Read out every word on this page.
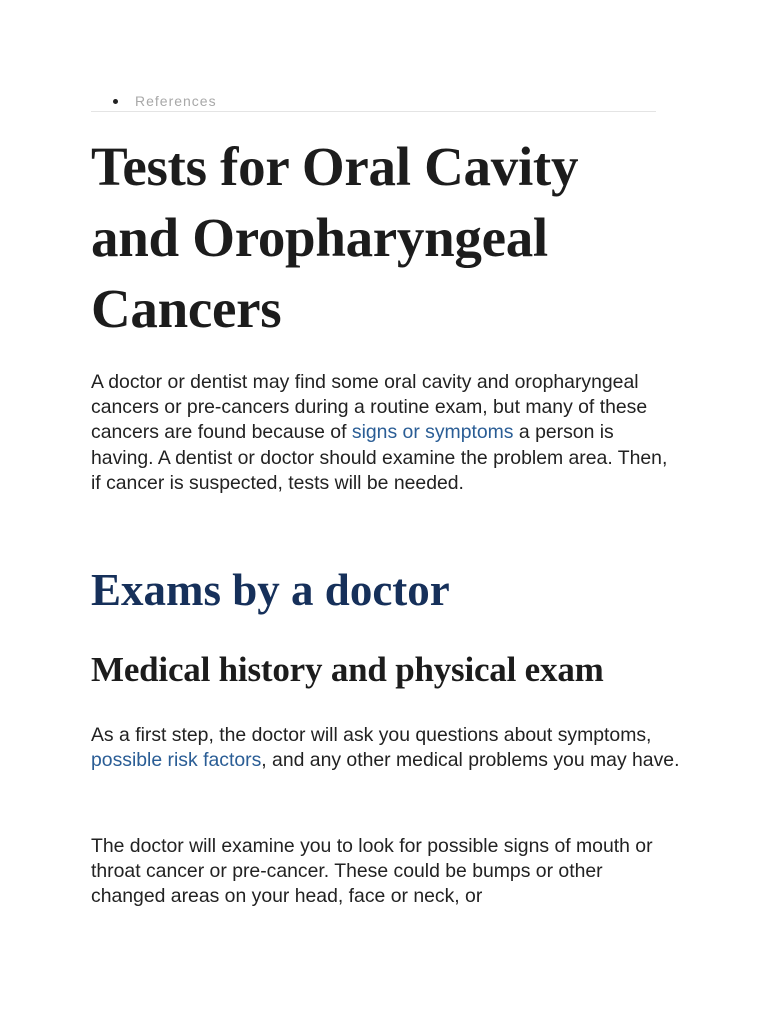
References
Tests for Oral Cavity and Oropharyngeal Cancers

A doctor or dentist may find some oral cavity and oropharyngeal cancers or pre-cancers during a routine exam, but many of these cancers are found because of signs or symptoms a person is having. A dentist or doctor should examine the problem area. Then, if cancer is suspected, tests will be needed.

Exams by a doctor
Medical history and physical exam

As a first step, the doctor will ask you questions about symptoms, possible risk factors, and any other medical problems you may have.

The doctor will examine you to look for possible signs of mouth or throat cancer or pre-cancer. These could be bumps or other changed areas on your head, face or neck, or
